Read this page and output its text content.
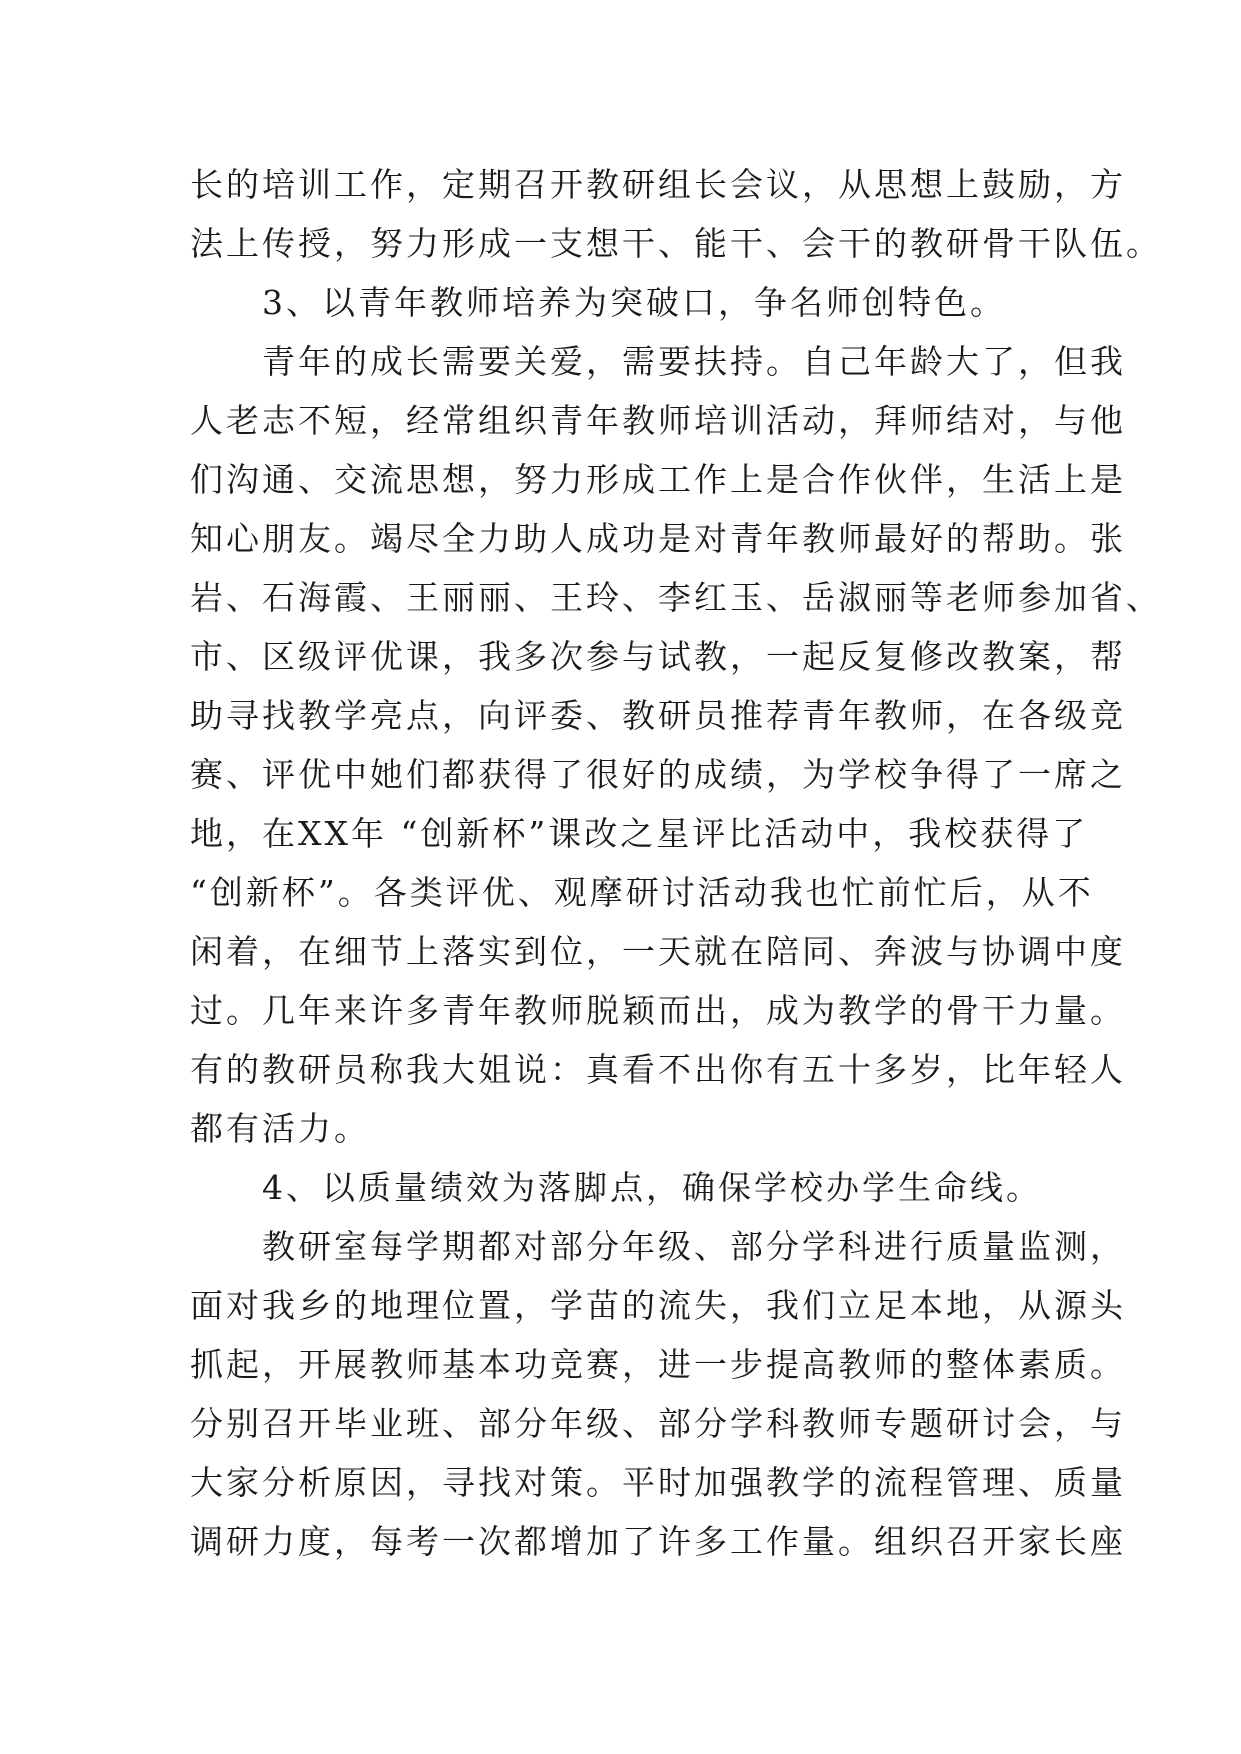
长的培训工作，定期召开教研组长会议，从思想上鼓励，方
法上传授，努力形成一支想干、能干、会干的教研骨干队伍。
3、以青年教师培养为突破口，争名师创特色。
青年的成长需要关爱，需要扶持。自己年龄大了，但我
人老志不短，经常组织青年教师培训活动，拜师结对，与他
们沟通、交流思想，努力形成工作上是合作伙伴，生活上是
知心朋友。竭尽全力助人成功是对青年教师最好的帮助。张
岩、石海霞、王丽丽、王玲、李红玉、岳淑丽等老师参加省、
市、区级评优课，我多次参与试教，一起反复修改教案，帮
助寻找教学亮点，向评委、教研员推荐青年教师，在各级竞
赛、评优中她们都获得了很好的成绩，为学校争得了一席之
地，在XX年 “创新杯”课改之星评比活动中，我校获得了
“创新杯”。各类评优、观摩研讨活动我也忙前忙后，从不
闲着，在细节上落实到位，一天就在陪同、奔波与协调中度
过。几年来许多青年教师脱颖而出，成为教学的骨干力量。
有的教研员称我大姐说：真看不出你有五十多岁，比年轻人
都有活力。
4、以质量绩效为落脚点，确保学校办学生命线。
教研室每学期都对部分年级、部分学科进行质量监测，
面对我乡的地理位置，学苗的流失，我们立足本地，从源头
抓起，开展教师基本功竞赛，进一步提高教师的整体素质。
分别召开毕业班、部分年级、部分学科教师专题研讨会，与
大家分析原因，寻找对策。平时加强教学的流程管理、质量
调研力度，每考一次都增加了许多工作量。组织召开家长座
